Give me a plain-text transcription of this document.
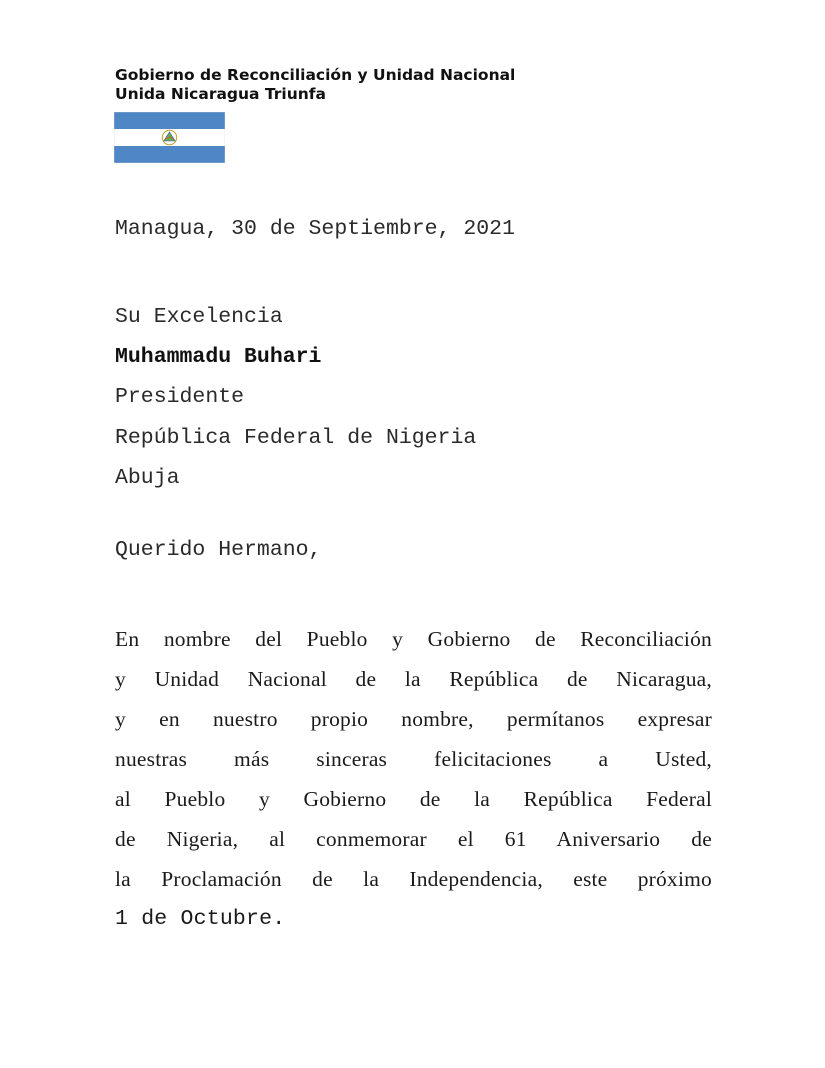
Gobierno de Reconciliación y Unidad Nacional
Unida Nicaragua Triunfa
Managua, 30 de Septiembre, 2021
Su Excelencia
Muhammadu Buhari
Presidente
República Federal de Nigeria
Abuja
Querido Hermano,
En nombre del Pueblo y Gobierno de Reconciliación
y Unidad Nacional de la República de Nicaragua,
y en nuestro propio nombre, permítanos expresar
nuestras más sinceras felicitaciones a Usted,
al Pueblo y Gobierno de la República Federal
de Nigeria, al conmemorar el 61 Aniversario de
la Proclamación de la Independencia, este próximo
1 de Octubre.
